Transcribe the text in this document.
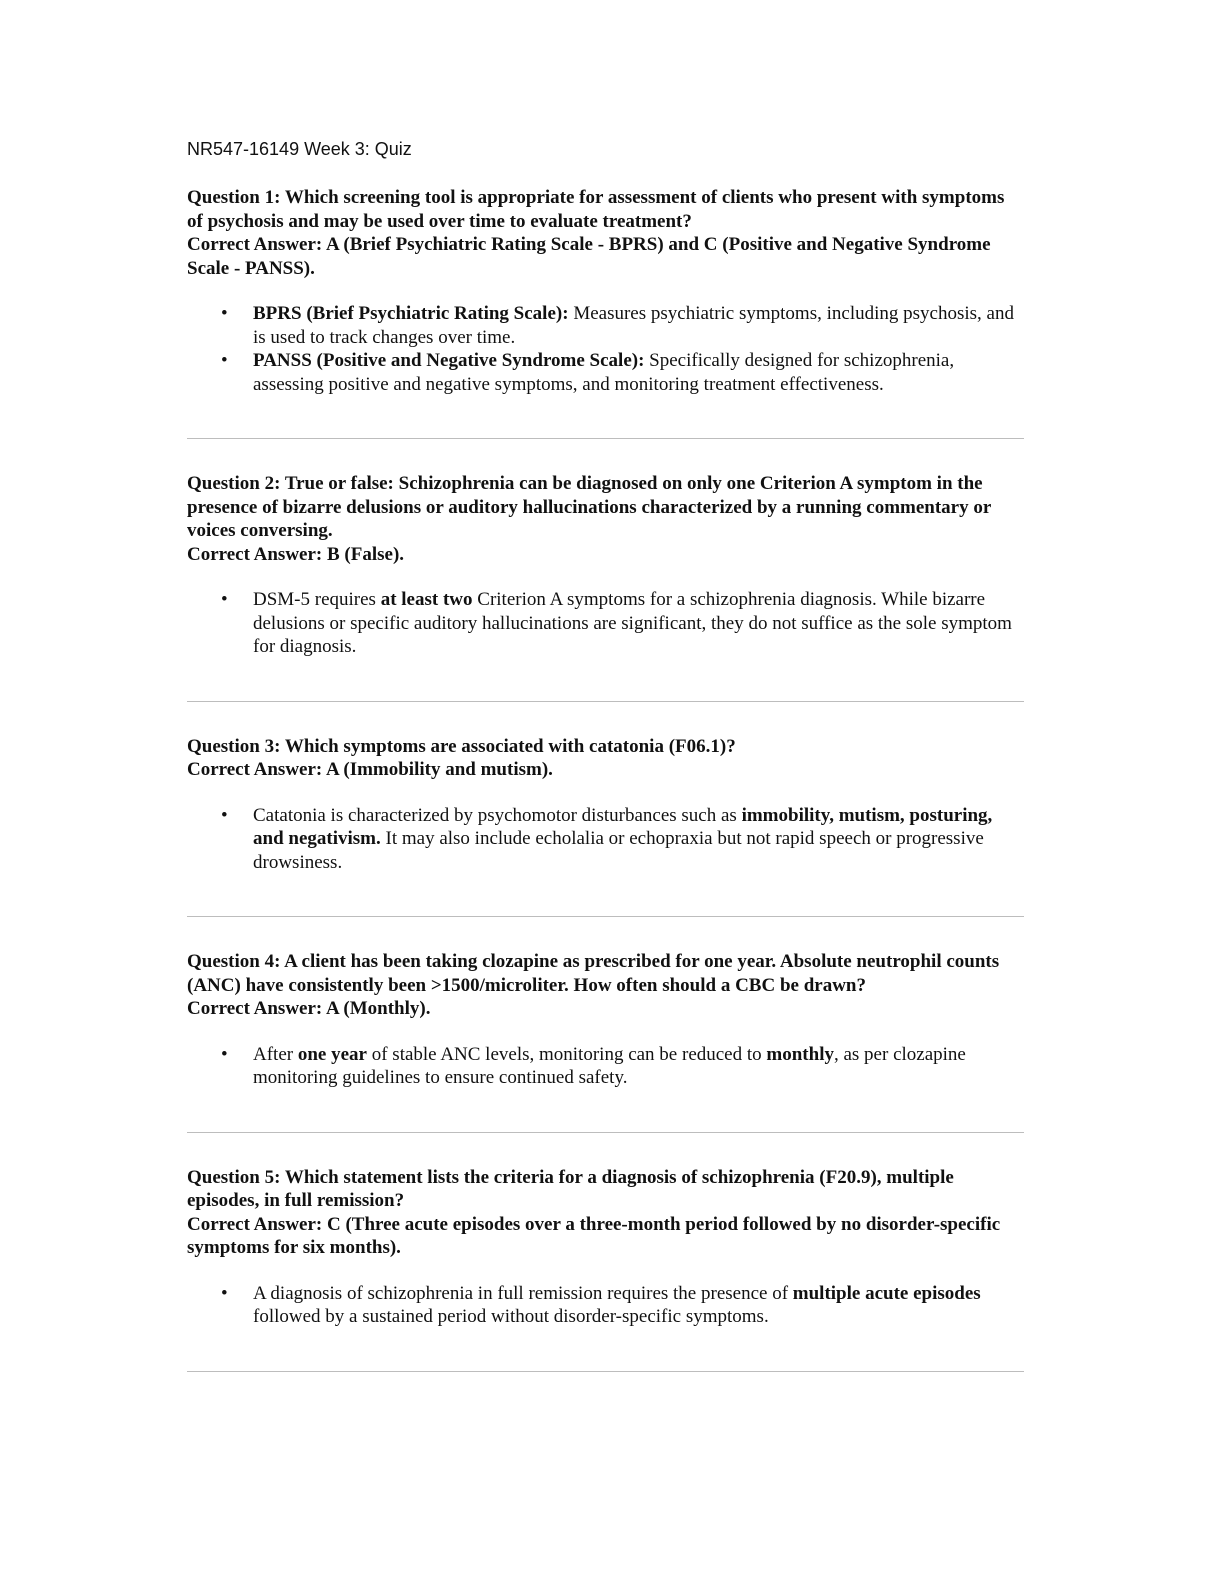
NR547-16149 Week 3: Quiz

Question 1: Which screening tool is appropriate for assessment of clients who present with symptoms of psychosis and may be used over time to evaluate treatment?

Correct Answer: A (Brief Psychiatric Rating Scale - BPRS) and C (Positive and Negative Syndrome Scale - PANSS).

• BPRS (Brief Psychiatric Rating Scale): Measures psychiatric symptoms, including psychosis, and is used to track changes over time.
• PANSS (Positive and Negative Syndrome Scale): Specifically designed for schizophrenia, assessing positive and negative symptoms, and monitoring treatment effectiveness.

Question 2: True or false: Schizophrenia can be diagnosed on only one Criterion A symptom in the presence of bizarre delusions or auditory hallucinations characterized by a running commentary or voices conversing.

Correct Answer: B (False).

• DSM-5 requires at least two Criterion A symptoms for a schizophrenia diagnosis. While bizarre delusions or specific auditory hallucinations are significant, they do not suffice as the sole symptom for diagnosis.

Question 3: Which symptoms are associated with catatonia (F06.1)?

Correct Answer: A (Immobility and mutism).

• Catatonia is characterized by psychomotor disturbances such as immobility, mutism, posturing, and negativism. It may also include echolalia or echopraxia but not rapid speech or progressive drowsiness.

Question 4: A client has been taking clozapine as prescribed for one year. Absolute neutrophil counts (ANC) have consistently been >1500/microliter. How often should a CBC be drawn?

Correct Answer: A (Monthly).

• After one year of stable ANC levels, monitoring can be reduced to monthly, as per clozapine monitoring guidelines to ensure continued safety.

Question 5: Which statement lists the criteria for a diagnosis of schizophrenia (F20.9), multiple episodes, in full remission?

Correct Answer: C (Three acute episodes over a three-month period followed by no disorder-specific symptoms for six months).

• A diagnosis of schizophrenia in full remission requires the presence of multiple acute episodes followed by a sustained period without disorder-specific symptoms.
